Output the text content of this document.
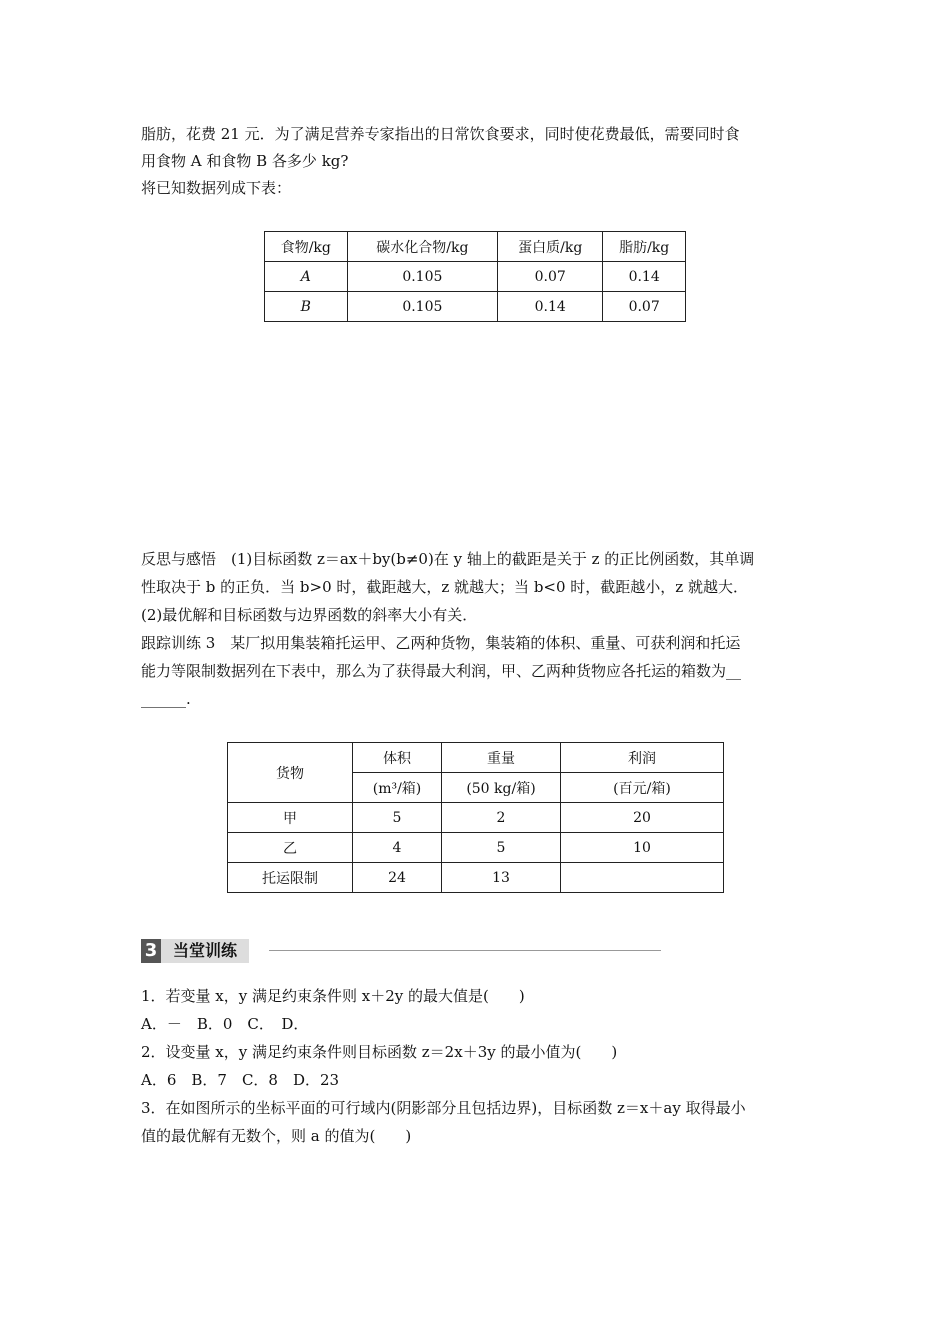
脂肪，花费 21 元．为了满足营养专家指出的日常饮食要求，同时使花费最低，需要同时食
用食物 A 和食物 B 各多少 kg?
将已知数据列成下表：
食物/kg	碳水化合物/kg	蛋白质/kg	脂肪/kg
A	0.105	0.07	0.14
B	0.105	0.14	0.07
反思与感悟　(1)目标函数 z＝ax＋by(b≠0)在 y 轴上的截距是关于 z 的正比例函数，其单调
性取决于 b 的正负．当 b>0 时，截距越大，z 就越大；当 b<0 时，截距越小，z 就越大．
(2)最优解和目标函数与边界函数的斜率大小有关．
跟踪训练 3　某厂拟用集装箱托运甲、乙两种货物，集装箱的体积、重量、可获利润和托运
能力等限制数据列在下表中，那么为了获得最大利润，甲、乙两种货物应各托运的箱数为__
______.
货物	体积	重量	利润
	(m³/箱)	(50 kg/箱)	(百元/箱)
甲	5	2	20
乙	4	5	10
托运限制	24	13	
3 当堂训练
1．若变量 x，y 满足约束条件则 x＋2y 的最大值是(　　)
A．－　B．0　C．　D．
2．设变量 x，y 满足约束条件则目标函数 z＝2x＋3y 的最小值为(　　)
A．6　B．7　C．8　D．23
3．在如图所示的坐标平面的可行域内(阴影部分且包括边界)，目标函数 z＝x＋ay 取得最小
值的最优解有无数个，则 a 的值为(　　)
